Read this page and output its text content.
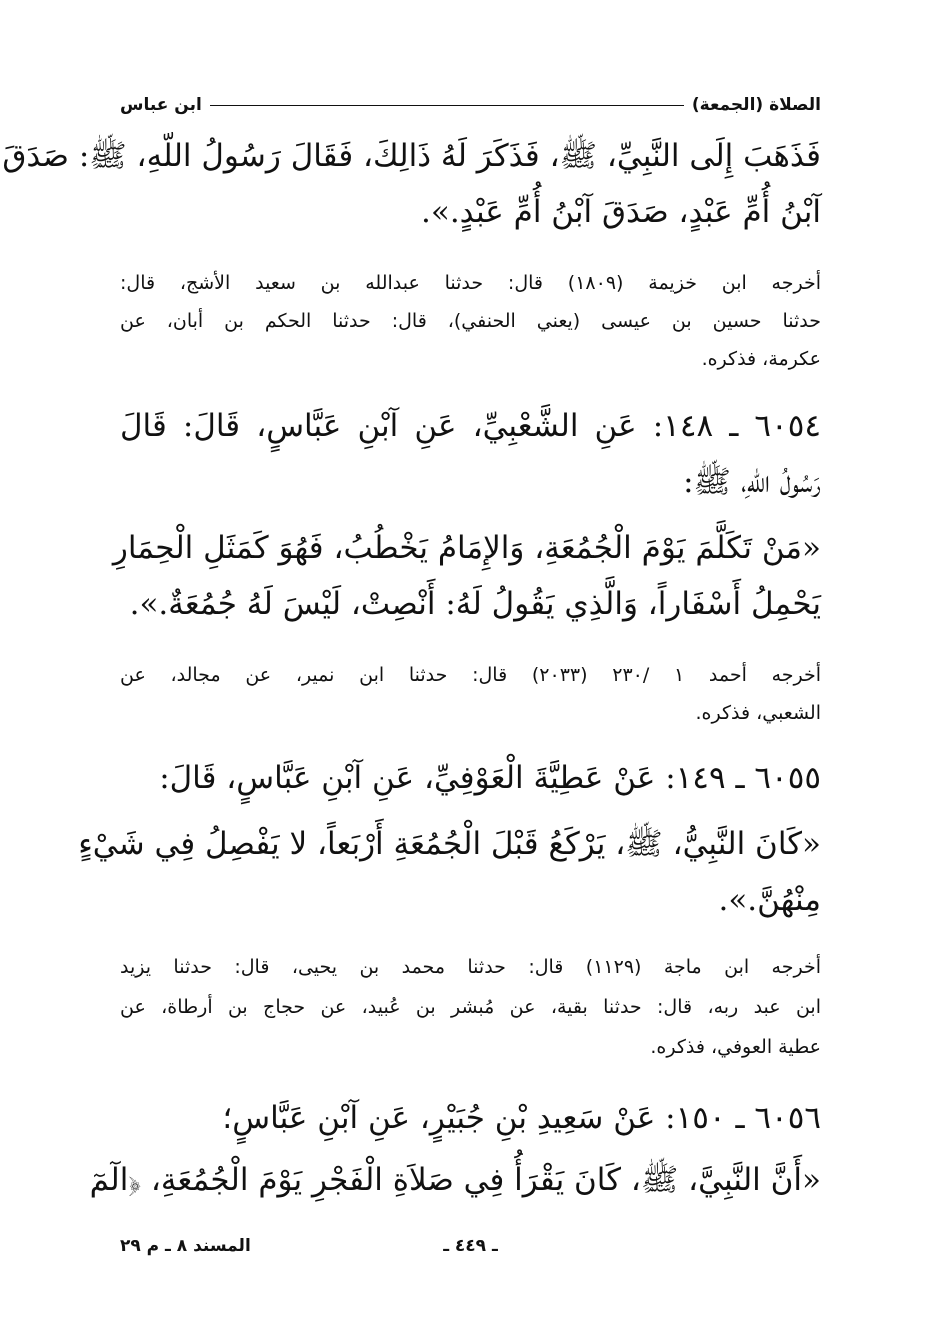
الصلاة (الجمعة)
ابن عباس
فَذَهَبَ إِلَى النَّبِيِّ، ﷺ، فَذَكَرَ لَهُ ذَالِكَ، فَقَالَ رَسُولُ اللّهِ، ﷺ: صَدَقَ
آبْنُ أُمِّ عَبْدٍ، صَدَقَ آبْنُ أُمِّ عَبْدٍ.».
أخرجه ابن خزيمة (١٨٠٩) قال: حدثنا عبدالله بن سعيد الأشج، قال:
حدثنا حسين بن عيسى (يعني الحنفي)، قال: حدثنا الحكم بن أبان، عن
عكرمة، فذكره.
٦٠٥٤ ـ ١٤٨: عَنِ الشَّعْبِيِّ، عَنِ آبْنِ عَبَّاسٍ، قَالَ: قَالَ
رَسُولُ اللّهِ، ﷺ:
«مَنْ تَكَلَّمَ يَوْمَ الْجُمُعَةِ، وَالإِمَامُ يَخْطُبُ، فَهُوَ كَمَثَلِ الْحِمَارِ
يَحْمِلُ أَسْفَاراً، وَالَّذِي يَقُولُ لَهُ: أَنْصِتْ، لَيْسَ لَهُ جُمُعَةٌ.».
أخرجه أحمد ١ /٢٣٠ (٢٠٣٣) قال: حدثنا ابن نمير، عن مجالد، عن
الشعبي، فذكره.
٦٠٥٥ ـ ١٤٩: عَنْ عَطِيَّةَ الْعَوْفِيِّ، عَنِ آبْنِ عَبَّاسٍ، قَالَ:
«كَانَ النَّبِيُّ، ﷺ، يَرْكَعُ قَبْلَ الْجُمُعَةِ أَرْبَعاً، لا يَفْصِلُ فِي شَيْءٍ
مِنْهُنَّ.».
أخرجه ابن ماجة (١١٢٩) قال: حدثنا محمد بن يحيى، قال: حدثنا يزيد
ابن عبد ربه، قال: حدثنا بقية، عن مُبشر بن عُبيد، عن حجاج بن أرطاة، عن
عطية العوفي، فذكره.
٦٠٥٦ ـ ١٥٠: عَنْ سَعِيدِ بْنِ جُبَيْرٍ، عَنِ آبْنِ عَبَّاسٍ؛
«أَنَّ النَّبِيَّ، ﷺ، كَانَ يَقْرَأُ فِي صَلاَةِ الْفَجْرِ يَوْمَ الْجُمُعَةِ، ﴿الٓمٓ
ـ ٤٤٩ ـ
المسند ٨ ـ م ٢٩
